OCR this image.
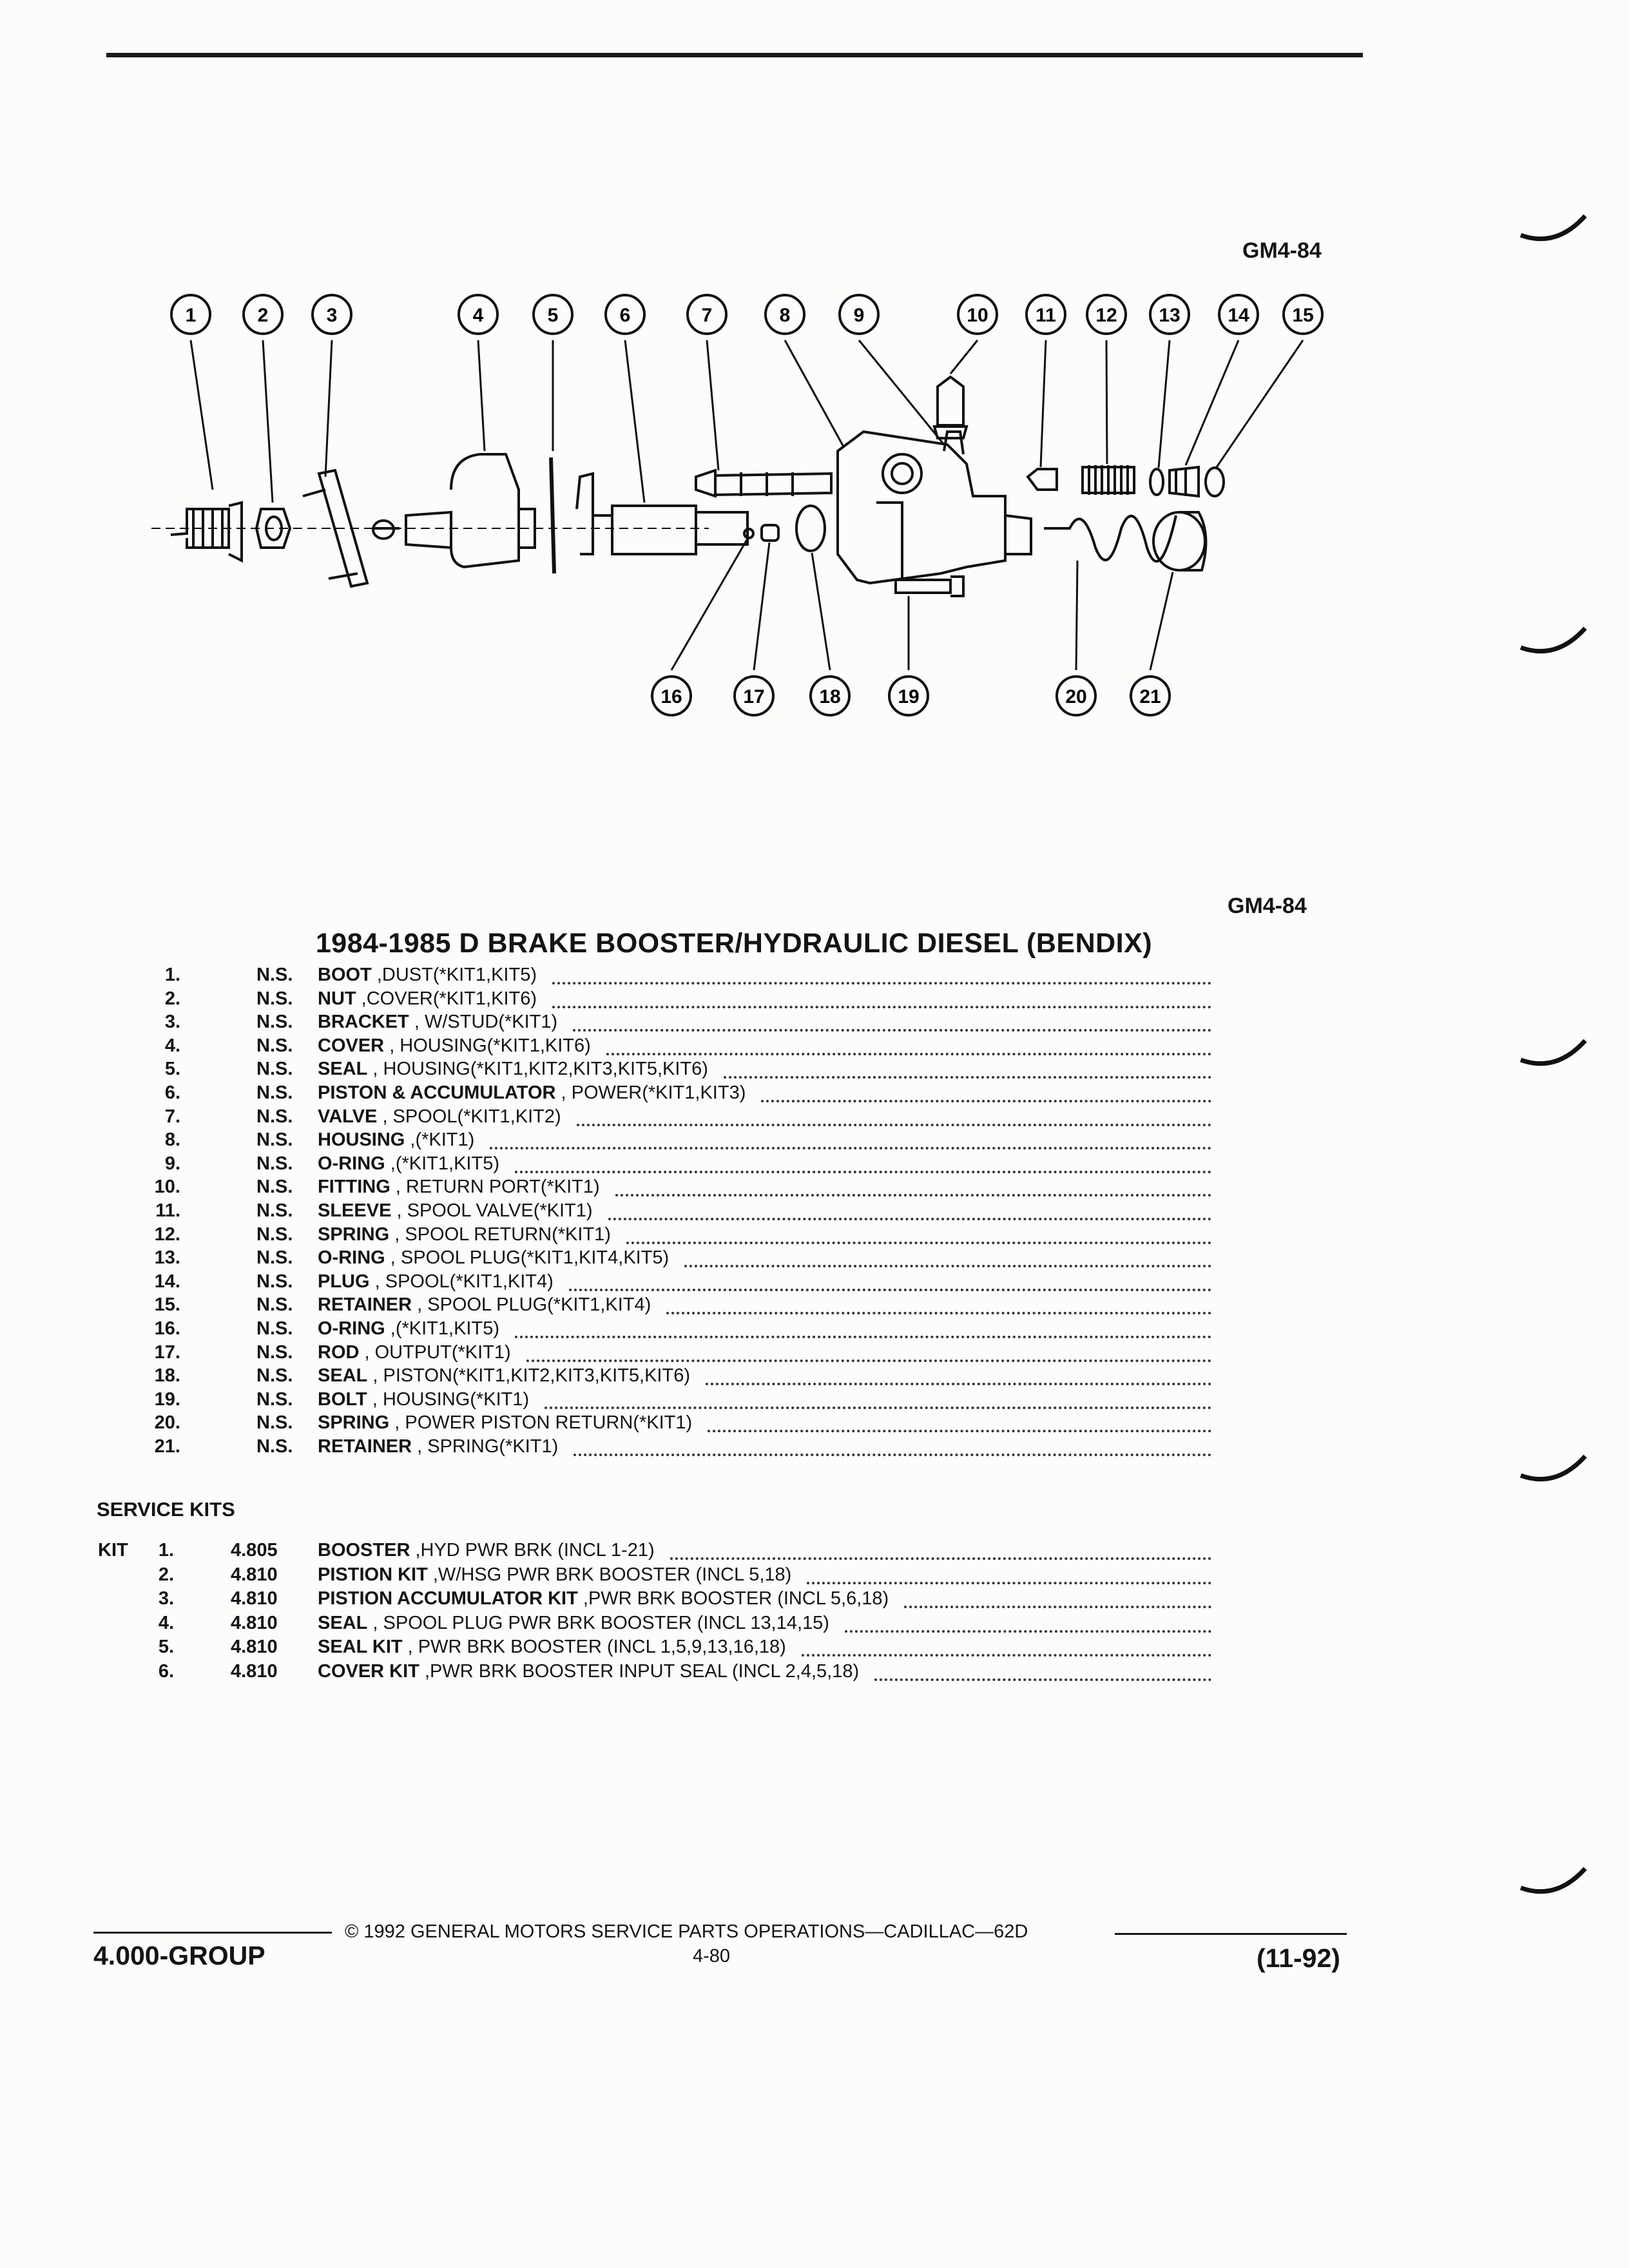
GM4-84
1	2	3	4	5	6	7	8	9	10 11 12 13 14 15
16	17	18	19	20	21
GM4-84
1984-1985 D BRAKE BOOSTER/HYDRAULIC DIESEL (BENDIX)
1.	N.S. BOOT ,DUST(*KIT1,KIT5)
2.	N.S. NUT ,COVER(*KIT1,KIT6)
3.	N.S. BRACKET , W/STUD(*KIT1)
4.	N.S. COVER , HOUSING(*KIT1,KIT6)
5.	N.S. SEAL , HOUSING(*KIT1,KIT2,KIT3,KIT5,KIT6)
6.	N.S. PISTON & ACCUMULATOR , POWER(*KIT1,KIT3)
7.	N.S. VALVE , SPOOL(*KIT1,KIT2)
8.	N.S. HOUSING ,(*KIT1)
9.	N.S. O-RING ,(*KIT1,KIT5)
10.	N.S. FITTING , RETURN PORT(*KIT1)
11.	N.S. SLEEVE , SPOOL VALVE(*KIT1)
12.	N.S. SPRING , SPOOL RETURN(*KIT1)
13.	N.S. O-RING , SPOOL PLUG(*KIT1,KIT4,KIT5)
14.	N.S. PLUG , SPOOL(*KIT1,KIT4)
15.	N.S. RETAINER , SPOOL PLUG(*KIT1,KIT4)
16.	N.S. O-RING ,(*KIT1,KIT5)
17.	N.S. ROD , OUTPUT(*KIT1)
18.	N.S. SEAL , PISTON(*KIT1,KIT2,KIT3,KIT5,KIT6)
19.	N.S. BOLT , HOUSING(*KIT1)
20.	N.S. SPRING , POWER PISTON RETURN(*KIT1)
21.	N.S. RETAINER , SPRING(*KIT1)
SERVICE KITS
KIT	1.	4.805 BOOSTER ,HYD PWR BRK (INCL 1-21)
2.	4.810 PISTION KIT ,W/HSG PWR BRK BOOSTER (INCL 5,18)
3.	4.810 PISTION ACCUMULATOR KIT ,PWR BRK BOOSTER (INCL 5,6,18)
4.	4.810 SEAL , SPOOL PLUG PWR BRK BOOSTER (INCL 13,14,15)
5.	4.810 SEAL KIT , PWR BRK BOOSTER (INCL 1,5,9,13,16,18)
6.	4.810 COVER KIT ,PWR BRK BOOSTER INPUT SEAL (INCL 2,4,5,18)
© 1992 GENERAL MOTORS SERVICE PARTS OPERATIONS—CADILLAC—62D
4.000-GROUP	4-80	(11-92)
